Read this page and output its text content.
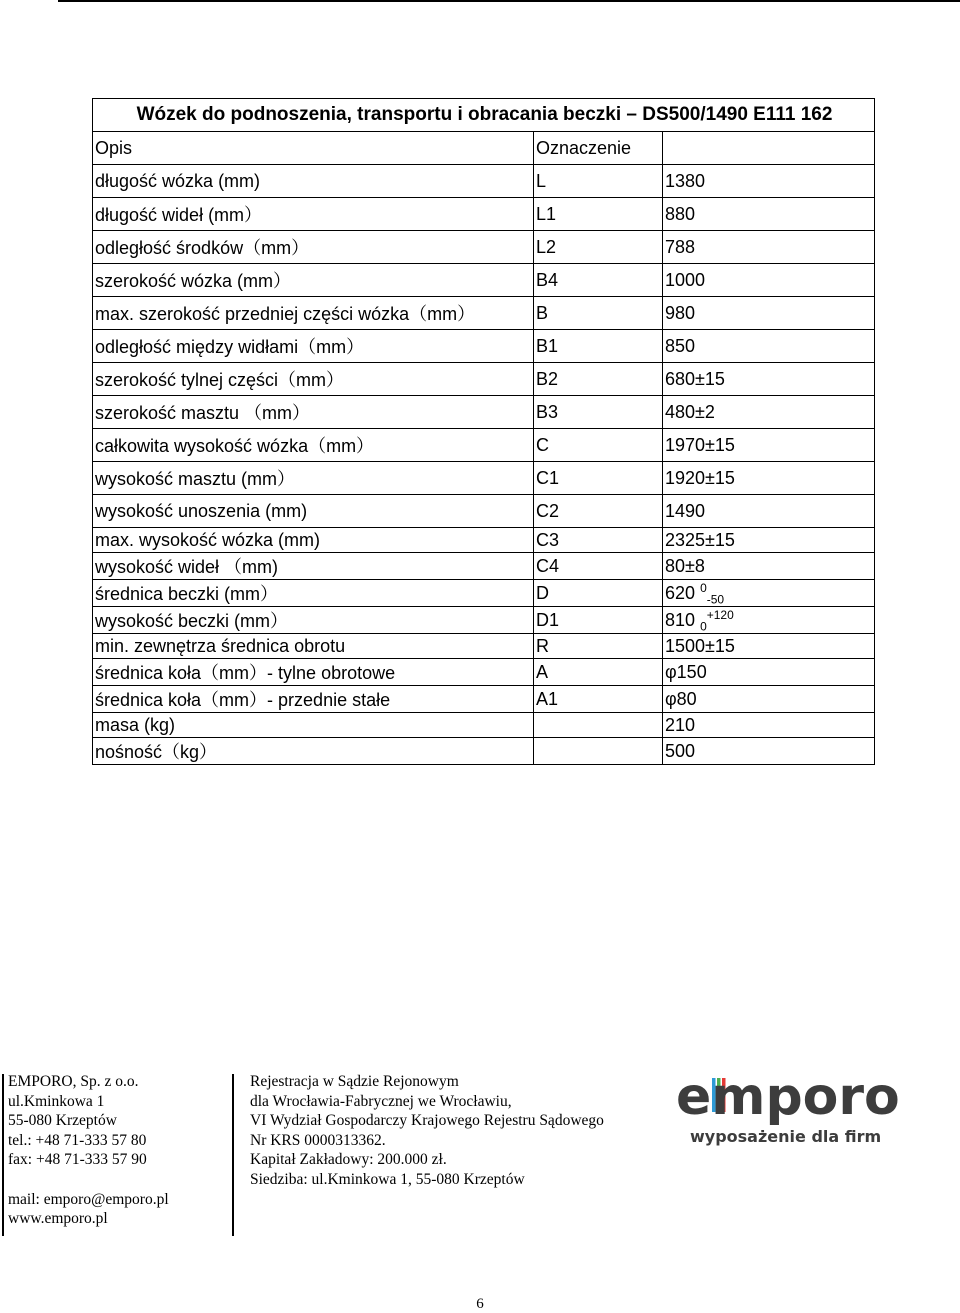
Wózek do podnoszenia, transportu i obracania beczki – DS500/1490 E111 162		
Opis	Oznaczenie	
długość wózka (mm)	L	1380
długość wideł (mm）	L1	880
odległość środków（mm）	L2	788
szerokość wózka (mm）	B4	1000
max. szerokość przedniej części wózka（mm）	B	980
odległość między widłami（mm）	B1	850
szerokość tylnej części（mm）	B2	680±15
szerokość masztu （mm）	B3	480±2
całkowita wysokość wózka（mm）	C	1970±15
wysokość masztu (mm）	C1	1920±15
wysokość unoszenia (mm)	C2	1490
max. wysokość wózka (mm)	C3	2325±15
wysokość wideł （mm)	C4	80±8
średnica beczki (mm）	D	620 $^0_{-50}$
wysokość beczki (mm）	D1	810 $_0^{+120}$
min. zewnętrza średnica obrotu	R	1500±15
średnica koła（mm）- tylne obrotowe	A	φ150
średnica koła（mm）- przednie stałe	A1	φ80
masa (kg)		210
nośność（kg）		500
EMPORO, Sp. z o.o.
ul.Kminkowa 1
55-080 Krzeptów
tel.: +48 71-333 57 80
fax: +48 71-333 57 90
mail: emporo@emporo.pl
www.emporo.pl
Rejestracja w Sądzie Rejonowym
dla Wrocławia-Fabrycznej we Wrocławiu,
VI Wydział Gospodarczy Krajowego Rejestru Sądowego
Nr KRS 0000313362.
Kapitał Zakładowy: 200.000 zł.
Siedziba: ul.Kminkowa 1, 55-080 Krzeptów
emporo
wyposażenie dla firm
6
